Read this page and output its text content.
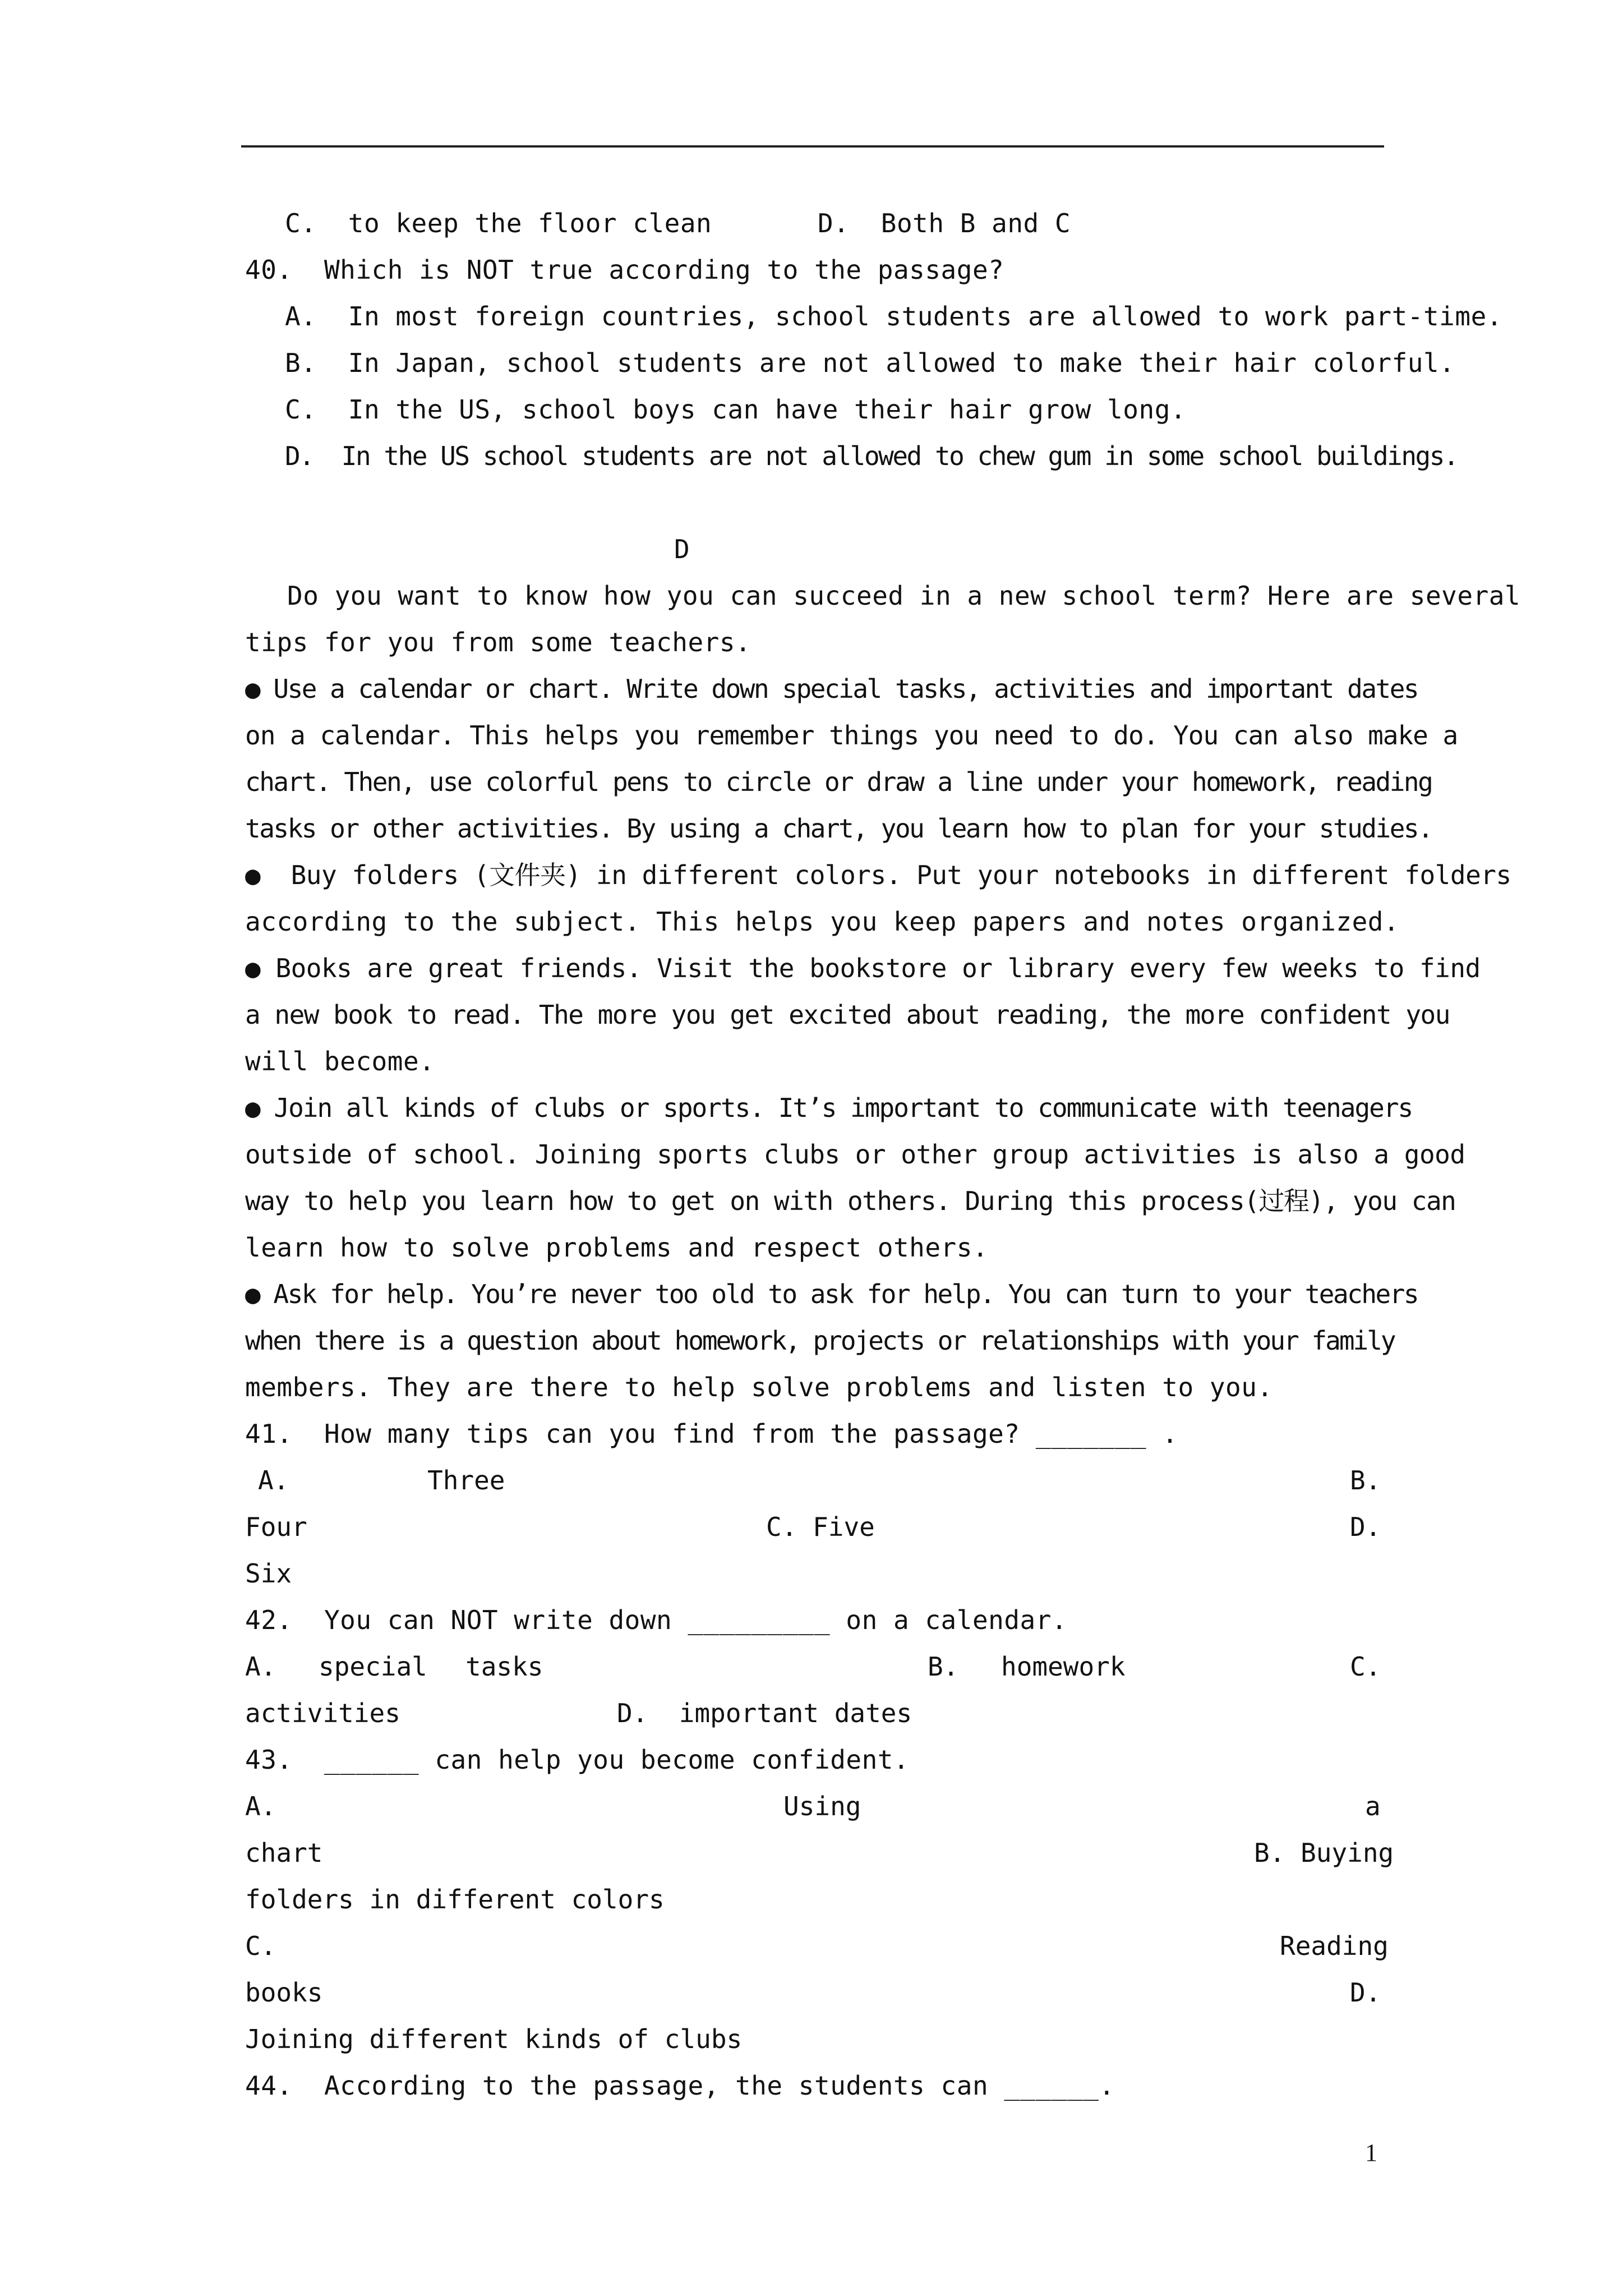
C.  to keep the floor clean	D.  Both B and C
40.  Which is NOT true according to the passage?
A.  In most foreign countries, school students are allowed to work part-time.
B.  In Japan, school students are not allowed to make their hair colorful.
C.  In the US, school boys can have their hair grow long.
D.  In the US school students are not allowed to chew gum in some school buildings.
D
Do you want to know how you can succeed in a new school term? Here are several
tips for you from some teachers.
● Use a calendar or chart. Write down special tasks, activities and important dates
on a calendar. This helps you remember things you need to do. You can also make a
chart. Then, use colorful pens to circle or draw a line under your homework, reading
tasks or other activities. By using a chart, you learn how to plan for your studies.
●  Buy folders (文件夹) in different colors. Put your notebooks in different folders
according to the subject. This helps you keep papers and notes organized.
● Books are great friends. Visit the bookstore or library every few weeks to find
a new book to read. The more you get excited about reading, the more confident you
will become.
● Join all kinds of clubs or sports. It’s important to communicate with teenagers
outside of school. Joining sports clubs or other group activities is also a good
way to help you learn how to get on with others. During this process(过程), you can
learn how to solve problems and respect others.
● Ask for help. You’re never too old to ask for help. You can turn to your teachers
when there is a question about homework, projects or relationships with your family
members. They are there to help solve problems and listen to you.
41.  How many tips can you find from the passage? _______ .
A.	Three	B.
Four	C. Five	D.
Six
42.  You can NOT write down _________ on a calendar.
A. special tasks	B. homework	C.
activities	D.  important dates
43.  ______ can help you become confident.
A.	Using	a
chart	B. Buying
folders in different colors
C.	Reading
books	D.
Joining different kinds of clubs
44.  According to the passage, the students can ______.
1
